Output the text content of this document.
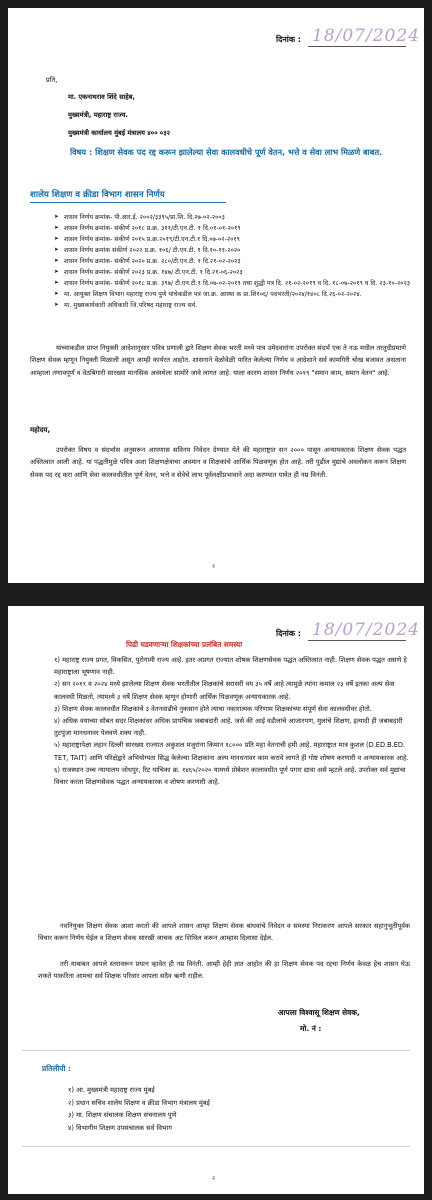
दिनांक : 18/07/2024
प्रति,
मा. एकनाथराव शिंदे साहेब,
मुख्यमंत्री, महाराष्ट्र राज्य.
मुख्यमंत्री कार्यालय मुंबई मंत्रालय ४०० ०३२
विषय : शिक्षण सेवक पद रद्द करून झालेल्या सेवा कालवधीचे पूर्ण वेतन, भत्ते व सेवा लाभ मिळणे बाबत.
शालेय शिक्षण व क्रीडा विभाग शासन निर्णय
➤ शासन निर्णय क्रमांक- पी.आर.ई. २००२/३३९५/प्रा.शि. दि.२७-०२-२००३
➤ शासन निर्णय क्रमांक- संकीर्ण २०१८ प्र.क्र. ३११/टी.एन.टी. १ दि.०१-०१-२०१९
➤ शासन निर्णय क्रमांक- संकीर्ण २०१५ प्र.क्र.२०१९/टी.एन.टी.१ दि.०७-०२-२०१९
➤ शासन निर्णय क्रमांक संकीर्ण २०२२ प्र.क्र. १०६/ टी.एन.टी. १ दि.१०-११-२०२०
➤ शासन निर्णय क्रमांक- संकीर्ण २०२० प्र.क्र. २८०/टी.एन.टी. १ दि.२१-०२-२०२३
➤ शासन निर्णय क्रमांक- संकीर्ण २०२३ प्र.क्र. १४७/ टी.एन.टी. १ दि.२१-०६-२०२३
➤ शासन निर्णय क्रमांक- संकीर्ण २०१८ प्र.क्र. ३९७/ टी.एन.टी.१ दि.०७-०२-२०१९ तथा शुद्धी पत्र दि. २१-०२-२०१९ व दि. १८-०७-२०१९ व दि. २३-१०-२०२३
➤ मा. आयुक्त शिक्षण विभाग महाराष्ट्र राज्य पुणे यांचेकडील पत्र जा.क्र. आस्था क प्रा.शि१०६/ पदभरती/२०२४/१४०८ दि.२६-०२-२०२४.
➤ मा. मुख्यकार्यकारी अधिकारी जि.परिषद महाराष्ट्र राज्य सर्व.
यांच्याकडील प्राप्त नियुक्ती आदेशानुसार पवित्र प्रणाली द्वारे शिक्षण सेवक भरती मध्ये पात्र उमेदवारांना उपरोक्त संदर्भ एक ते नऊ मधील तरतुदीप्रमाणे शिक्षण सेवक म्हणून नियुक्ती मिळाली असून आम्ही कार्यरत आहोत. शासनाने वेळोवेळी पारित केलेल्या निर्णय व आदेशाने सर्व कामगिरी चोख बजावत असताना आम्हाला तणावपूर्ण व वेठबिगारी सारख्या मानसिक अवस्थेला सामोरे जावे लागत आहे. याला कारण शासन निर्णय २०१९ "समान काम, समान वेतन" आहे.
महोदय,
उपरोक्त विषय व संदर्भास अनुसरून आपणास सविनय निवेदन देण्यात येते की महाराष्ट्रात सन २००० पासून अन्यायकारक शिक्षण सेवक पद्धत अस्तित्वात आली आहे. या पद्धतीमुळे पवित्र अशा शिक्षणक्षेत्राचा अवमान व शिक्षकांचे आर्थिक पिळवणूक होत आहे. तरी पुढील मुद्यांचे अवलोकन करून शिक्षण सेवक पद रद्द करा आणि सेवा कालवधीतील पूर्ण वेतन, भत्ते व सेवेचे लाभ पूर्वलक्षीप्रभावाने अदा करण्यात यावेत ही नम्र विनंती.
१
दिनांक : 18/07/2024
पिढी घडवणाऱ्या शिक्षकांच्या प्रलंबित समस्या
१) महाराष्ट्र राज्य प्रगत, विकसित, पुरोगामी राज्य आहे. इतर अप्रगत राज्यात शोषक शिक्षणसेवक पद्धत अस्तित्वात नाही. शिक्षण सेवक पद्धत असणे हे महाराष्ट्राला भूषणाव नाही.
२) सन २०१९ व २०२४ मध्ये झालेल्या शिक्षण सेवक भरतीतील शिक्षकांचे सरासरी वय ३५ वर्षे आहे त्यामुळे त्यांना कमाल २३ वर्षे इतका अल्प सेवा कालवधी मिळतो, त्यामध्ये ३ वर्षे शिक्षण सेवक म्हणून होणारी आर्थिक पिळवणूक अन्यायकारक आहे.
३) शिक्षण सेवक कालवधीत शिक्षकांचे ३ वेतनवाढीचे नुकसान होते त्याचा नकारात्मक परिणाम शिक्षकांच्या संपूर्ण सेवा कालवधीवर होतो.
४) अधिक वयाच्या सोबत सदर शिक्षकांवर अधिक प्रापंचिक जबाबदारी आहे. जसे की आई वडीलांचे आजारपण, मुलांचे शिक्षण, इत्यादी ही जबाबदारी तुटपुंजा मानधनावर पेलवणे शक्य नाही.
५) महाराष्ट्रापेक्षा लहान दिल्ली सारख्या राज्यात अकुशल मजुरांना किमान १८००० प्रति महा वेतनाची हमी आहे. महाराष्ट्रात मात्र कुशल (D.ED.B.ED. TET, TAIT) आणि परिक्षेद्वारे अभियोग्यता सिद्ध केलेल्या शिक्षकांना अल्प मानधनावर काम करावे लागते ही गोष्ट शोषण करणारी व अन्यायकारक आहे.
६) राजस्थान उच्च न्यायालय जोधपुर, रिट याचिका क्र. १४६५/२०२० यामध्ये प्रोबेशन कालावधीत पूर्ण पगार द्यावा असे म्हटले आहे. उपरोक्त सर्व मुद्यांचा विचार करता शिक्षणसेवक पद्धत अन्यायकारक व शोषण करणारी आहे.
नवनियुक्त शिक्षण सेवक आशा करतो की आपले शासन आम्हा शिक्षण सेवक बांधवांचे निवेदन व समस्या निराकरण आपले सरकार सहानुभूतीपूर्वक विचार करून निर्णय घेईल व शिक्षण सेवक सारखी जाचक अट शिथिल करून आम्हास दिलासा देईल.
तरी याबाबत आपले स्तरावरून प्रयत्न व्हावेत ही नम्र विनंती. आम्ही हेही ज्ञात आहोत की हा शिक्षण सेवक पद रद्दचा निर्णय केवळ हेच शासन घेऊ शकते याकरिता आमचा सर्व शिक्षक परिवार आपला सदैव ऋणी राहील.
आपला विश्वासू शिक्षण सेवक,
मो. नं :
प्रतिलीपी :
१) आ. मुख्यमंत्री महाराष्ट्र राज्य मुंबई
२) प्रधान सचिव शालेय शिक्षण व क्रीडा विभाग मंत्रालय मुंबई
३) मा. शिक्षण संचालक शिक्षण संचनालय पुणे
४) विभागीय शिक्षण उपसंचालक सर्व विभाग
२
